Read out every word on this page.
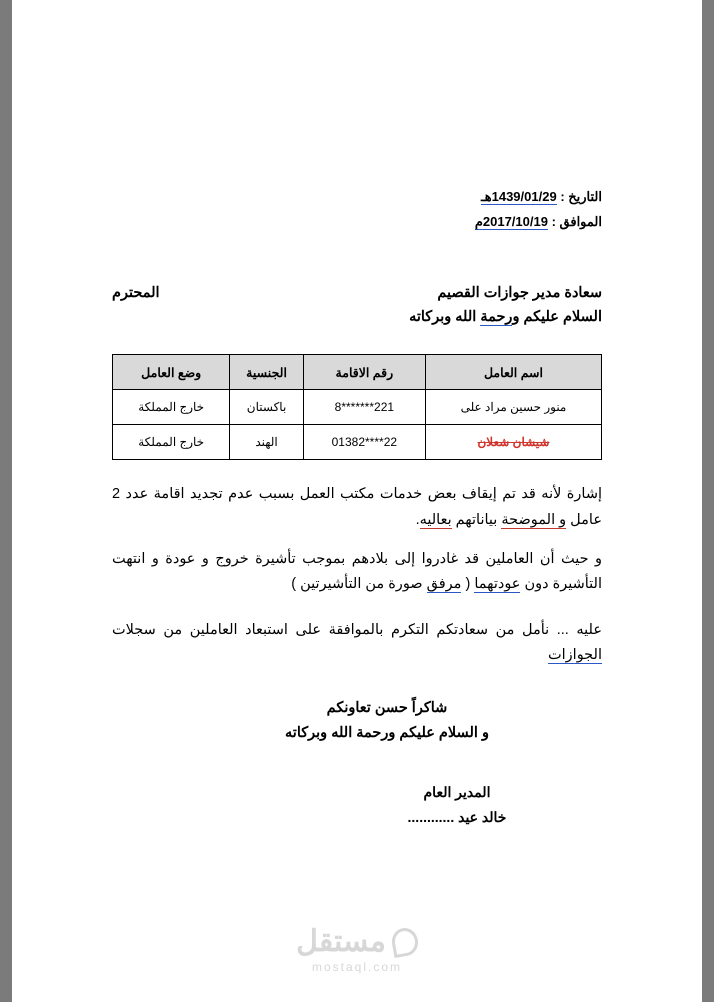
التاريخ : 1439/01/29هـ
الموافق : 2017/10/19م
المحترم	سعادة مدير جوازات القصيم
السلام عليكم ورحمة الله وبركاته
اسم العامل	رقم الاقامة	الجنسية	وضع العامل
منور حسين مراد على	221*******8	باكستان	خارج المملكة
شيشان شعلان	22****01382	الهند	خارج المملكة

إشارة لأنه قد تم إيقاف بعض خدمات مكتب العمل بسبب عدم تجديد اقامة عدد 2 عامل و الموضحة بياناتهم بعاليه.

و حيث أن العاملين قد غادروا إلى بلادهم بموجب تأشيرة خروج و عودة و انتهت التأشيرة دون عودتهما ( مرفق صورة من التأشيرتين )

عليه ... نأمل من سعادتكم التكرم بالموافقة على استبعاد العاملين من سجلات الجوازات

شاكراً حسن تعاونكم
و السلام عليكم ورحمة الله وبركاته
المدير العام
خالد عيد ............
مستقل
mostaql.com
